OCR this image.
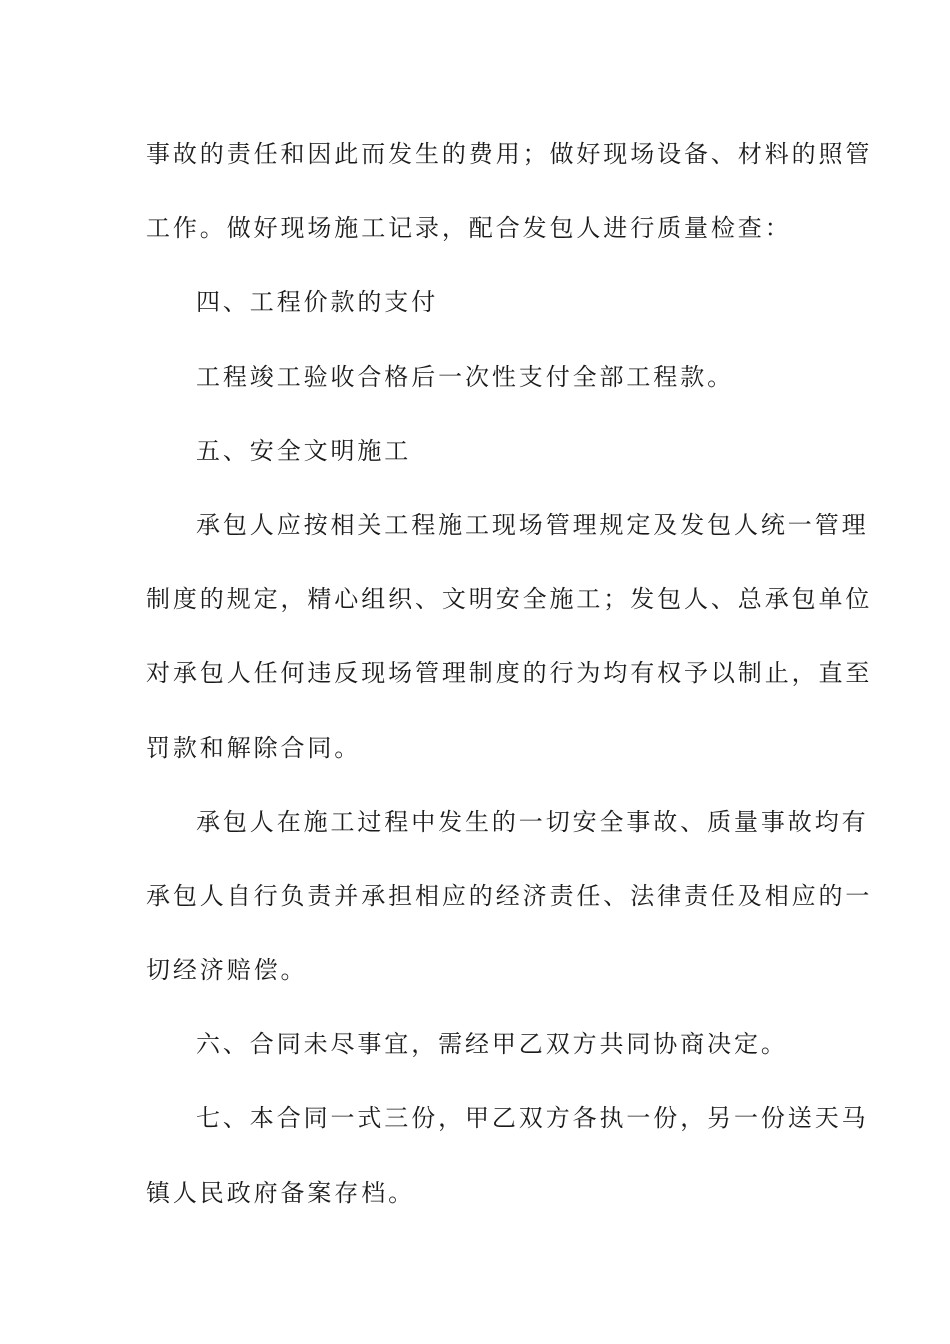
事故的责任和因此而发生的费用；做好现场设备、材料的照管
工作。做好现场施工记录，配合发包人进行质量检查：
四、工程价款的支付
工程竣工验收合格后一次性支付全部工程款。
五、安全文明施工
承包人应按相关工程施工现场管理规定及发包人统一管理
制度的规定，精心组织、文明安全施工；发包人、总承包单位
对承包人任何违反现场管理制度的行为均有权予以制止，直至
罚款和解除合同。
承包人在施工过程中发生的一切安全事故、质量事故均有
承包人自行负责并承担相应的经济责任、法律责任及相应的一
切经济赔偿。
六、合同未尽事宜，需经甲乙双方共同协商决定。
七、本合同一式三份，甲乙双方各执一份，另一份送天马
镇人民政府备案存档。
